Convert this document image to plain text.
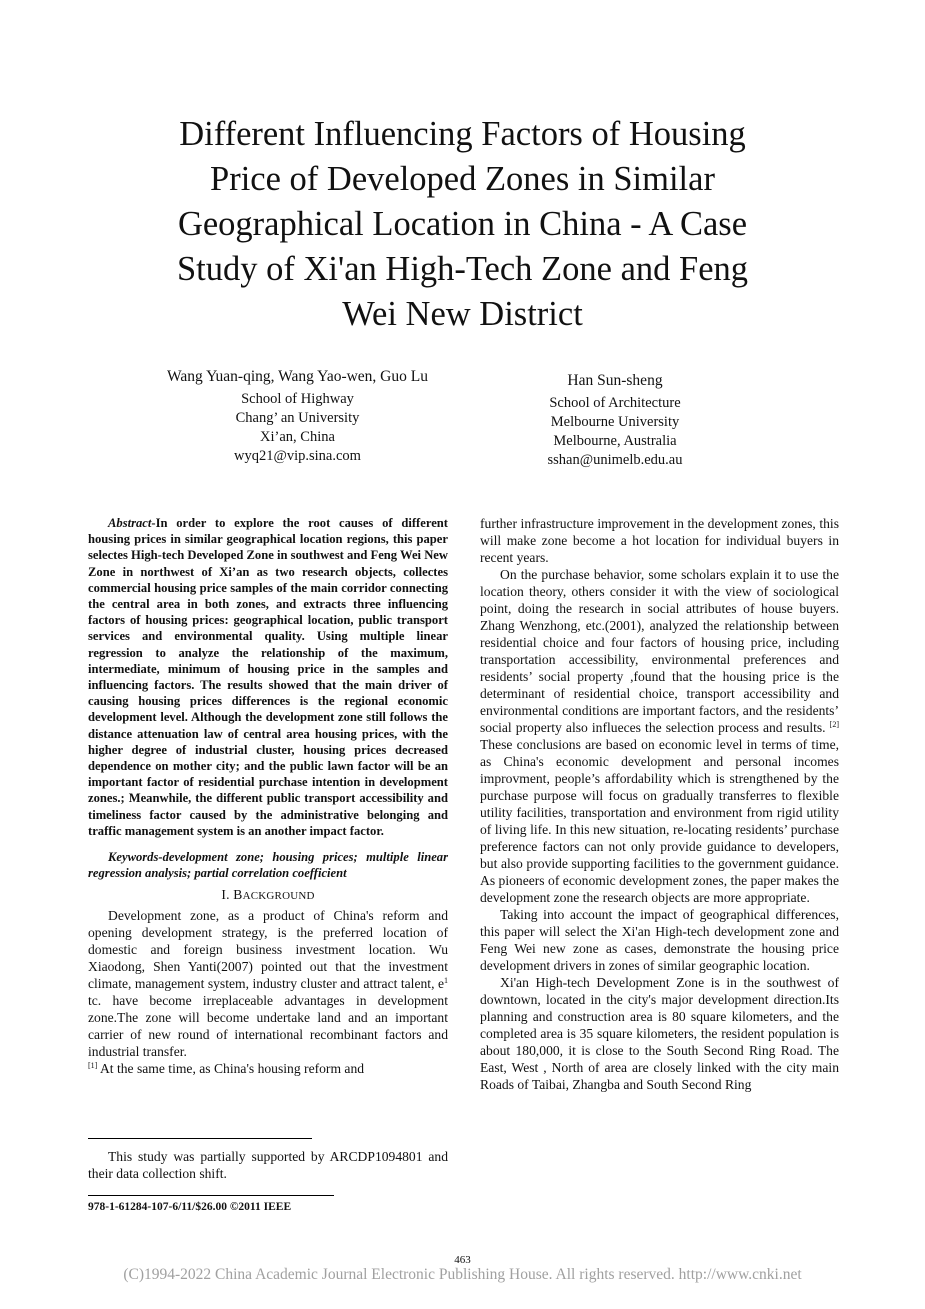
Different Influencing Factors of Housing
Price of Developed Zones in Similar
Geographical Location in China - A Case
Study of Xi'an High-Tech Zone and Feng
Wei New District
Wang Yuan-qing, Wang Yao-wen, Guo Lu
School of Highway
Chang’ an University
Xi’an, China
wyq21@vip.sina.com
Han Sun-sheng
School of Architecture
Melbourne University
Melbourne, Australia
sshan@unimelb.edu.au

Abstract-In order to explore the root causes of different housing prices in similar geographical location regions, this paper selectes High-tech Developed Zone in southwest and Feng Wei New Zone in northwest of Xi’an as two research objects, collectes commercial housing price samples of the main corridor connecting the central area in both zones, and extracts three influencing factors of housing prices: geographical location, public transport services and environmental quality. Using multiple linear regression to analyze the relationship of the maximum, intermediate, minimum of housing price in the samples and influencing factors. The results showed that the main driver of causing housing prices differences is the regional economic development level. Although the development zone still follows the distance attenuation law of central area housing prices, with the higher degree of industrial cluster, housing prices decreased dependence on mother city; and the public lawn factor will be an important factor of residential purchase intention in development zones.; Meanwhile, the different public transport accessibility and timeliness factor caused by the administrative belonging and traffic management system is an another impact factor.

Keywords-development zone; housing prices; multiple linear regression analysis; partial correlation coefficient

I. BACKGROUND

Development zone, as a product of China's reform and opening development strategy, is the preferred location of domestic and foreign business investment location. Wu Xiaodong, Shen Yanti(2007) pointed out that the investment climate, management system, industry cluster and attract talent, $e^1$ tc. have become irreplaceable advantages in development zone.The zone will become undertake land and an important carrier of new round of international recombinant factors and industrial transfer.
[1] At the same time, as China's housing reform and

further infrastructure improvement in the development zones, this will make zone become a hot location for individual buyers in recent years.

On the purchase behavior, some scholars explain it to use the location theory, others consider it with the view of sociological point, doing the research in social attributes of house buyers. Zhang Wenzhong, etc.(2001), analyzed the relationship between residential choice and four factors of housing price, including transportation accessibility, environmental preferences and residents’ social property ,found that the housing price is the determinant of residential choice, transport accessibility and environmental conditions are important factors, and the residents’ social property also influeces the selection process and results. [2] These conclusions are based on economic level in terms of time, as China's economic development and personal incomes improvment, people’s affordability which is strengthened by the purchase purpose will focus on gradually transferres to flexible utility facilities, transportation and environment from rigid utility of living life. In this new situation, re-locating residents’ purchase preference factors can not only provide guidance to developers, but also provide supporting facilities to the government guidance. As pioneers of economic development zones, the paper makes the development zone the research objects are more appropriate.

Taking into account the impact of geographical differences, this paper will select the Xi'an High-tech development zone and Feng Wei new zone as cases, demonstrate the housing price development drivers in zones of similar geographic location.

Xi'an High-tech Development Zone is in the southwest of downtown, located in the city's major development direction.Its planning and construction area is 80 square kilometers, and the completed area is 35 square kilometers, the resident population is about 180,000, it is close to the South Second Ring Road. The East, West , North of area are closely linked with the city main Roads of Taibai, Zhangba and South Second Ring

This study was partially supported by ARCDP1094801 and their data collection shift.
978-1-61284-107-6/11/$26.00 ©2011 IEEE
463
(C)1994-2022 China Academic Journal Electronic Publishing House. All rights reserved. http://www.cnki.net
